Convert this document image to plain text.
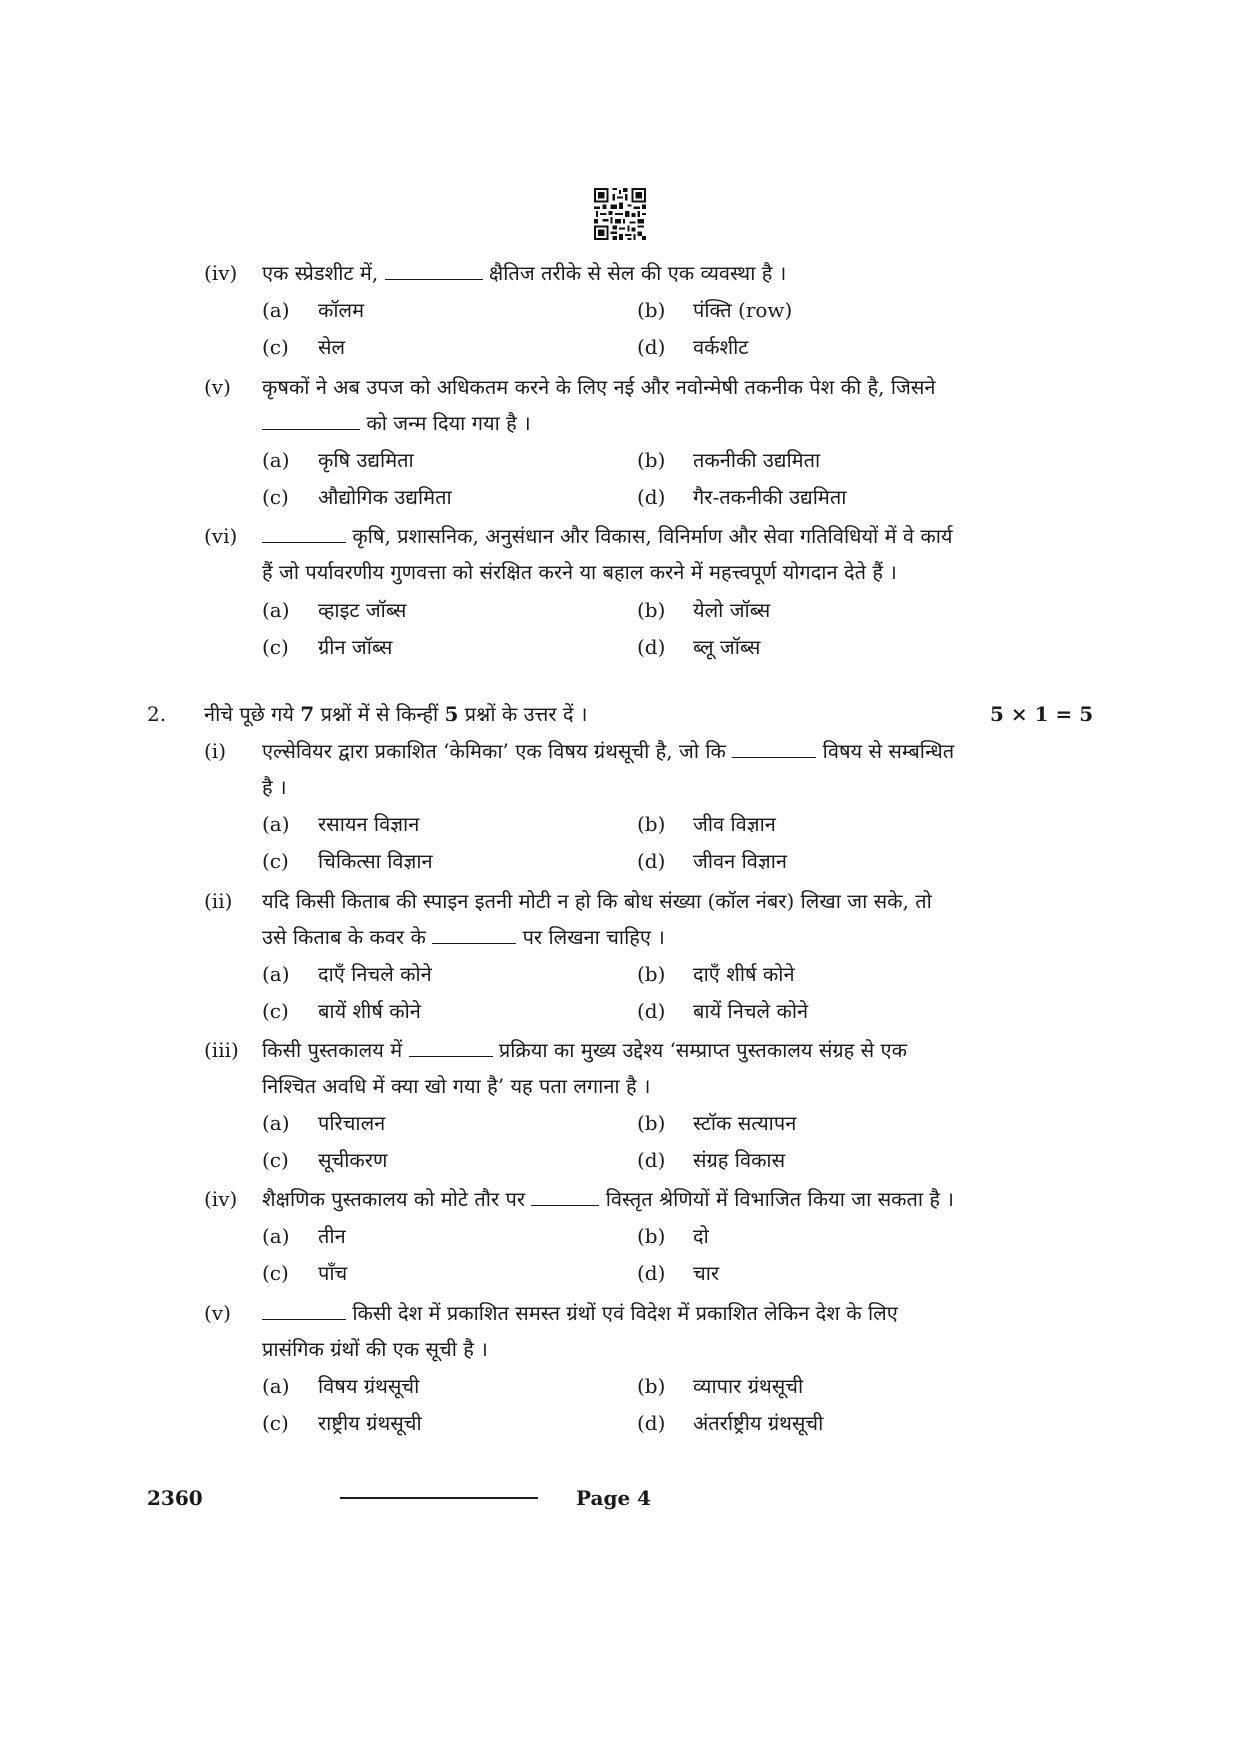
(iv) एक स्प्रेडशीट में,	क्षैतिज तरीके से सेल की एक व्यवस्था है ।
(a) कॉलम	(b) पंक्ति (row)
(c) सेल	(d) वर्कशीट
(v) कृषकों ने अब उपज को अधिकतम करने के लिए नई और नवोन्मेषी तकनीक पेश की है, जिसने
को जन्म दिया गया है ।
(a) कृषि उद्यमिता	(b) तकनीकी उद्यमिता
(c) औद्योगिक उद्यमिता	(d) गैर-तकनीकी उद्यमिता
(vi)	कृषि, प्रशासनिक, अनुसंधान और विकास, विनिर्माण और सेवा गतिविधियों में वे कार्य
हैं जो पर्यावरणीय गुणवत्ता को संरक्षित करने या बहाल करने में महत्त्वपूर्ण योगदान देते हैं ।
(a) व्हाइट जॉब्स	(b) येलो जॉब्स
(c) ग्रीन जॉब्स	(d) ब्लू जॉब्स
2. नीचे पूछे गये 7 प्रश्नों में से किन्हीं 5 प्रश्नों के उत्तर दें ।	5 × 1 = 5
(i) एल्सेवियर द्वारा प्रकाशित ‘केमिका’ एक विषय ग्रंथसूची है, जो कि	विषय से सम्बन्धित
है ।
(a) रसायन विज्ञान	(b) जीव विज्ञान
(c) चिकित्सा विज्ञान	(d) जीवन विज्ञान
(ii) यदि किसी किताब की स्पाइन इतनी मोटी न हो कि बोध संख्या (कॉल नंबर) लिखा जा सके, तो
उसे किताब के कवर के	पर लिखना चाहिए ।
(a) दाएँ निचले कोने	(b) दाएँ शीर्ष कोने
(c) बायें शीर्ष कोने	(d) बायें निचले कोने
(iii) किसी पुस्तकालय में	प्रक्रिया का मुख्य उद्देश्य ‘सम्प्राप्त पुस्तकालय संग्रह से एक
निश्चित अवधि में क्या खो गया है’ यह पता लगाना है ।
(a) परिचालन	(b) स्टॉक सत्यापन
(c) सूचीकरण	(d) संग्रह विकास
(iv) शैक्षणिक पुस्तकालय को मोटे तौर पर	विस्तृत श्रेणियों में विभाजित किया जा सकता है ।
(a) तीन	(b) दो
(c) पाँच	(d) चार
(v)	किसी देश में प्रकाशित समस्त ग्रंथों एवं विदेश में प्रकाशित लेकिन देश के लिए
प्रासंगिक ग्रंथों की एक सूची है ।
(a) विषय ग्रंथसूची	(b) व्यापार ग्रंथसूची
(c) राष्ट्रीय ग्रंथसूची	(d) अंतर्राष्ट्रीय ग्रंथसूची
2360	Page 4
